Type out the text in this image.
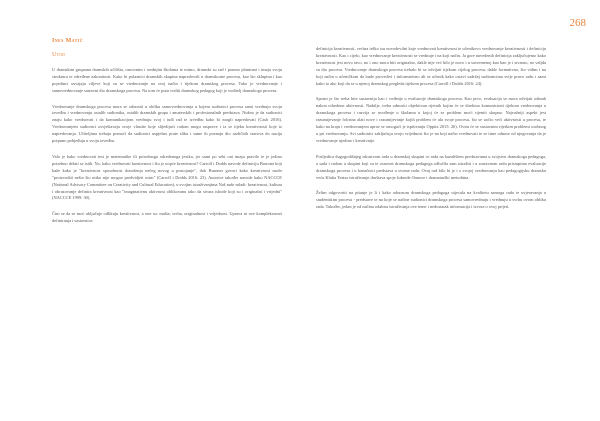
268
Ines Matić
Uvod

U dramskim grupama dramskih učilišta, osnovnim i srednjim školama te mimo, dramski su rad i pomno planirani i imaju svoju strukturu te određene zakonitosti. Kako bi polaznici dramskih skupina napredovali u dramskome procesu, kao što sklupina i kao pojedinci usvajaju ciljeve koji su se vrednovanje na svoj način i tijekom dramskog procesa. Tako je vrednovanje i samovrednovanje sastavni dio dramskoga procesa. Na tom će putu voditi dramskog pedagog koji je voditelj dramskoga procesa.

Vrednovanje dramskoga procesa mora se odnositi u obliku samovrednovanja u kojem sudionici procesa sami vrednuju svoju izvedbu i vrednovanju ostalih sudionika, ostalih dramskih grupa i amaterskih i profesionalnih predstava. Nužno je da sudionici znaju kako vrednovati i da komunikacijom vrednuju svoj i tuđi rad te izvedbu kako bi mogli napredovati (Cash 2016). Vrednovanjem sudionici osvještavaju svoje vlastite koje slijedijući radom mogu rasprave i iz se tijeku kreativnosti koje iz napredovanja. Učiteljima trebaju pomoći da sudionici uspješno prate sliku i same ih poznaju dio različitih stavova do nacija potpuno pobjeđuju u svoju izvedbu.

Valo je kako vrednovati test je matematike ili prirodnoga odredenoga jezika, jer sami po sebi oni imaju pravilo te je jedino potrebno držati se istih. No, kako vrednovati kreativnost i što je uopće kreativnost? Carroll i Dodds navode definiciju Barrona koji kaže kako je "kreativnost sposobnost donošenja nečeg novog u postojanje", dok Brunner govori kako kreativnost može "proizvoditi nešto što nitko nije mogao predvidjeti osim" (Carroll i Dodds 2016: 23). Autorice također navode kako NACCCE (National Advisory Committee on Creativity and Cultural Education), u svojim istraživanjima Naš naše mladi: kreativnost, kultura i obrazovanje definira kreativnost kao "imaginativnu aktivnost oblikovanu tako da stvara ishode koji su i originalni i vrijedni" (NACCCE 1999: 30).

Čini se da se moć uključuje odlikuju kreativnost, a one su: mašta, svrha, originalnost i vrijednost. Uprava ni ove kompleksnosti definiranja i sastavnica

definicija kreativnosti, većina teško tsu novodevilni koje vrednovati kreativnost te učenikovo vrednovanje kreativnosti i definiciju kreativnosti. Kao i cijelo, kao vrednovanje kreativnosti se vrednuje i na koji način. Ja gore navedenih definicija zaključujemo kako kreativnost jest novo tavo, no i ono mora biti originalno, dakle nije već bilo je novo i u savremenoj kao kao je i stvarno, no valjda su dio procesa. Vrednovanje dramskoga procesa trebalo bi se odvijati tijekom cijelog procesa, dakle formativno, što vidim i na koji način u učeničkom da bude provedivi i informativno ali se učenik kako ostavi sadržaj sudionicima svije pravo radu i sami kako to ako koji da se u njenoj dramskog pregleda tijekom procesa (Carroll i Dodds 2016: 24).

Sporni je što treba bite sustavnija kao i vođenje u evaluacije dramskoga procesa. Kao prvo, evaluacija se mora odvijati odmah nakon odredene aktivnosti. Nadalje, treba odnositi objektivan rijetnik kojim će se direktno komunicirati tijekom vrednovanja u dramskoga procesa i razvija se uvođenje u školama u kojoj će se problem moći rijeniti skupno. Najvažniji aspekt jest razumijevanje folozna alati nove i razumijevanje kojih problem će ala svoje procesu, što se uočio veći aktivnosti u procesu, te kako na kraju i vrednovanjem uprav se omogući je ispitivanju Oppitz 2015: 26). Ovim će se sustavnim rijetkim problemi osobnog u pri vrednovanju. Svi sudionici zaključuju svoju vrijednost što je na koji način vrednovati te se time odnose od njegovanja da je vrednovanje ujedino i kreativnije.

Posljedica dugogodišnjeg iskustvom rada u dramskoj skupini ce rada na kazalištem predstavama u svojstvu dramskoga pedagoga, a sada i radom u skupini koji su te osnovni dramskoga pedagoga odlučila sam istražiti i u sustavnom radu pristupima evaluacije dramskoga procesa i u konačnici predstava u svome radu. Ovaj rad bilo bi je i o svojoj vrednovanju kao pedagogijsku dramsku veću Kluba Teatar istraživanje društava spoje šubrede članove i dramaturški metodima.

Želim odgovoriti na pitanje je li i kako odnosom dramskoga pedagoga utjecala na kvalitetu samoga rada te uvjeravanja u studentskim procesu - predstave te na koje se načine sudionici dramskoga procesa samovrednuju i vrednuju u svrhu ovom obliku rada. Također, jedan je od načina odabira istraživanja ove teme i nedostatak informacija i izvora o ovoj prijeti.
